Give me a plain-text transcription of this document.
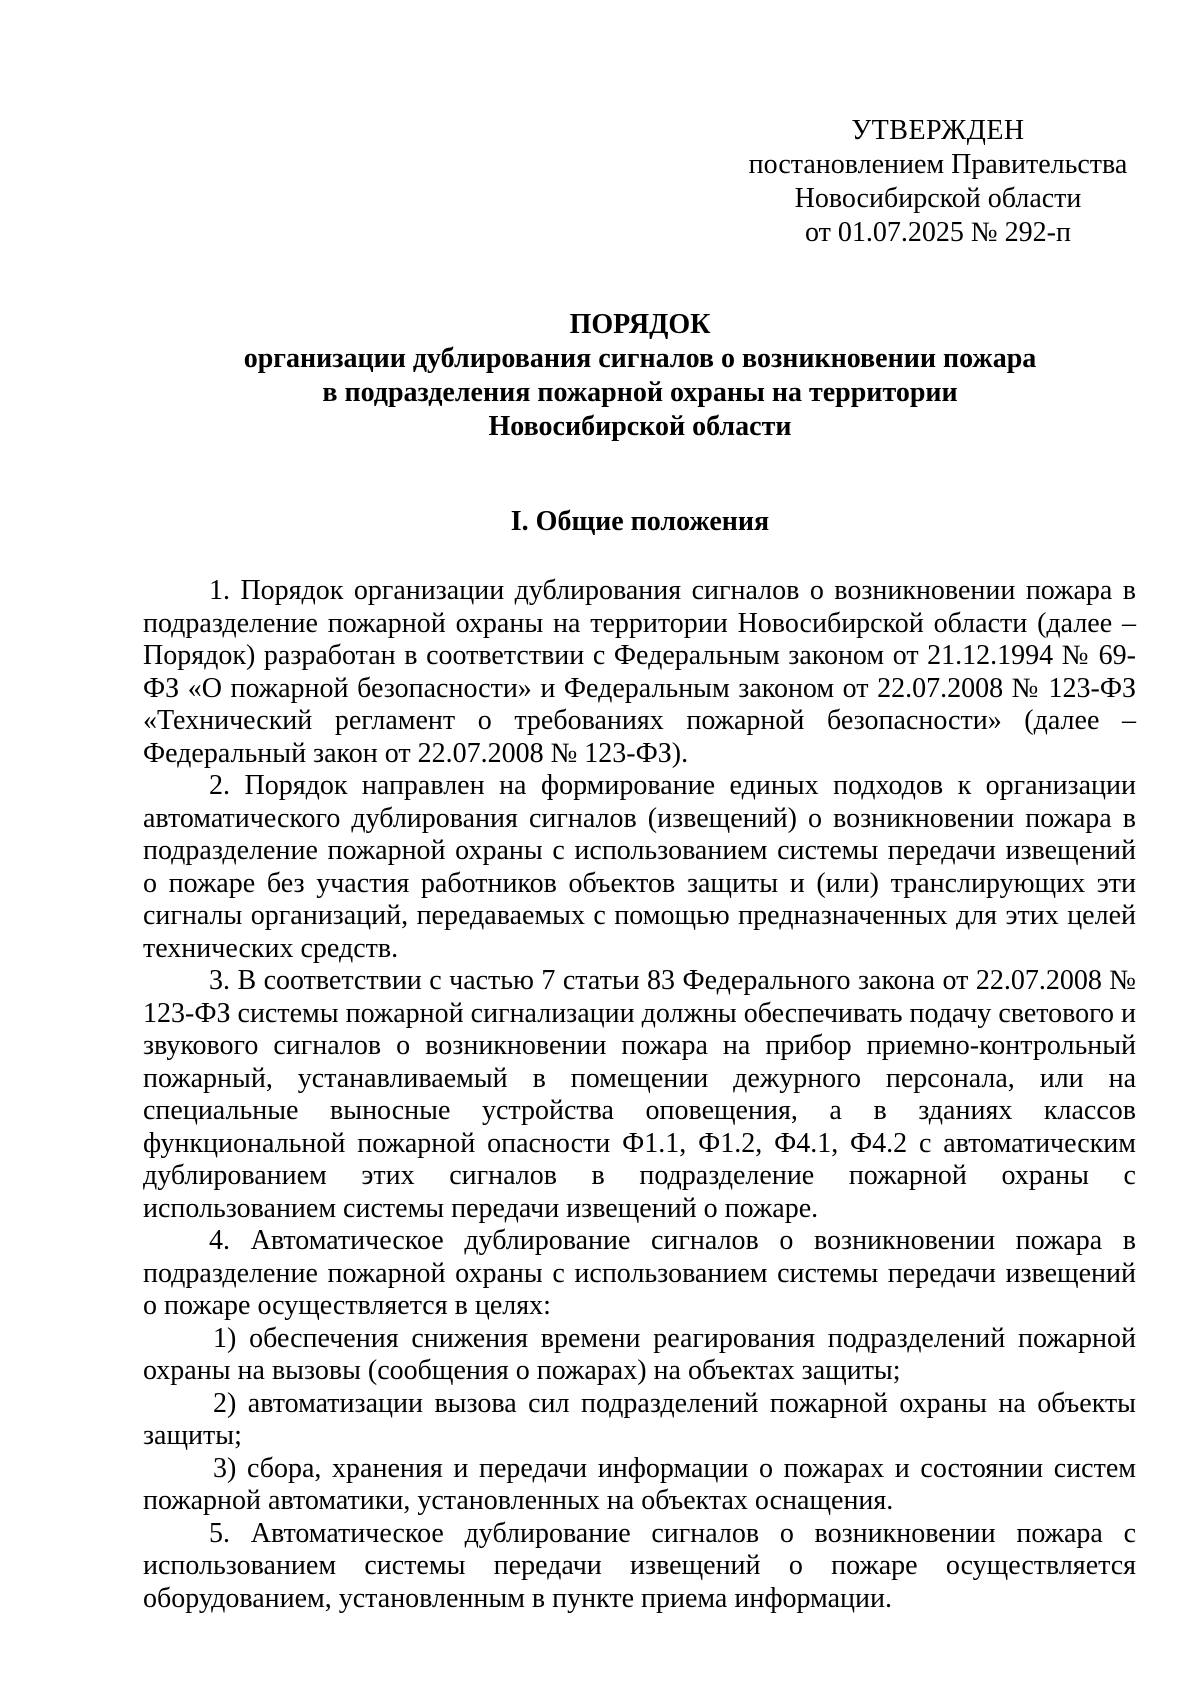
УТВЕРЖДЕН
постановлением Правительства
Новосибирской области
от 01.07.2025 № 292-п
ПОРЯДОК
организации дублирования сигналов о возникновении пожара
в подразделения пожарной охраны на территории
Новосибирской области
I. Общие положения

1. Порядок организации дублирования сигналов о возникновении пожара в подразделение пожарной охраны на территории Новосибирской области (далее – Порядок) разработан в соответствии с Федеральным законом от 21.12.1994 № 69-ФЗ «О пожарной безопасности» и Федеральным законом от 22.07.2008 № 123-ФЗ «Технический регламент о требованиях пожарной безопасности» (далее – Федеральный закон от 22.07.2008 № 123-ФЗ).

2. Порядок направлен на формирование единых подходов к организации автоматического дублирования сигналов (извещений) о возникновении пожара в подразделение пожарной охраны с использованием системы передачи извещений о пожаре без участия работников объектов защиты и (или) транслирующих эти сигналы организаций, передаваемых с помощью предназначенных для этих целей технических средств.

3. В соответствии с частью 7 статьи 83 Федерального закона от 22.07.2008 № 123-ФЗ системы пожарной сигнализации должны обеспечивать подачу светового и звукового сигналов о возникновении пожара на прибор приемно-контрольный пожарный, устанавливаемый в помещении дежурного персонала, или на специальные выносные устройства оповещения, а в зданиях классов функциональной пожарной опасности Ф1.1, Ф1.2, Ф4.1, Ф4.2 с автоматическим дублированием этих сигналов в подразделение пожарной охраны с использованием системы передачи извещений о пожаре.

4. Автоматическое дублирование сигналов о возникновении пожара в подразделение пожарной охраны с использованием системы передачи извещений о пожаре осуществляется в целях:

1) обеспечения снижения времени реагирования подразделений пожарной охраны на вызовы (сообщения о пожарах) на объектах защиты;

2) автоматизации вызова сил подразделений пожарной охраны на объекты защиты;

3) сбора, хранения и передачи информации о пожарах и состоянии систем пожарной автоматики, установленных на объектах оснащения.

5. Автоматическое дублирование сигналов о возникновении пожара с использованием системы передачи извещений о пожаре осуществляется оборудованием, установленным в пункте приема информации.
